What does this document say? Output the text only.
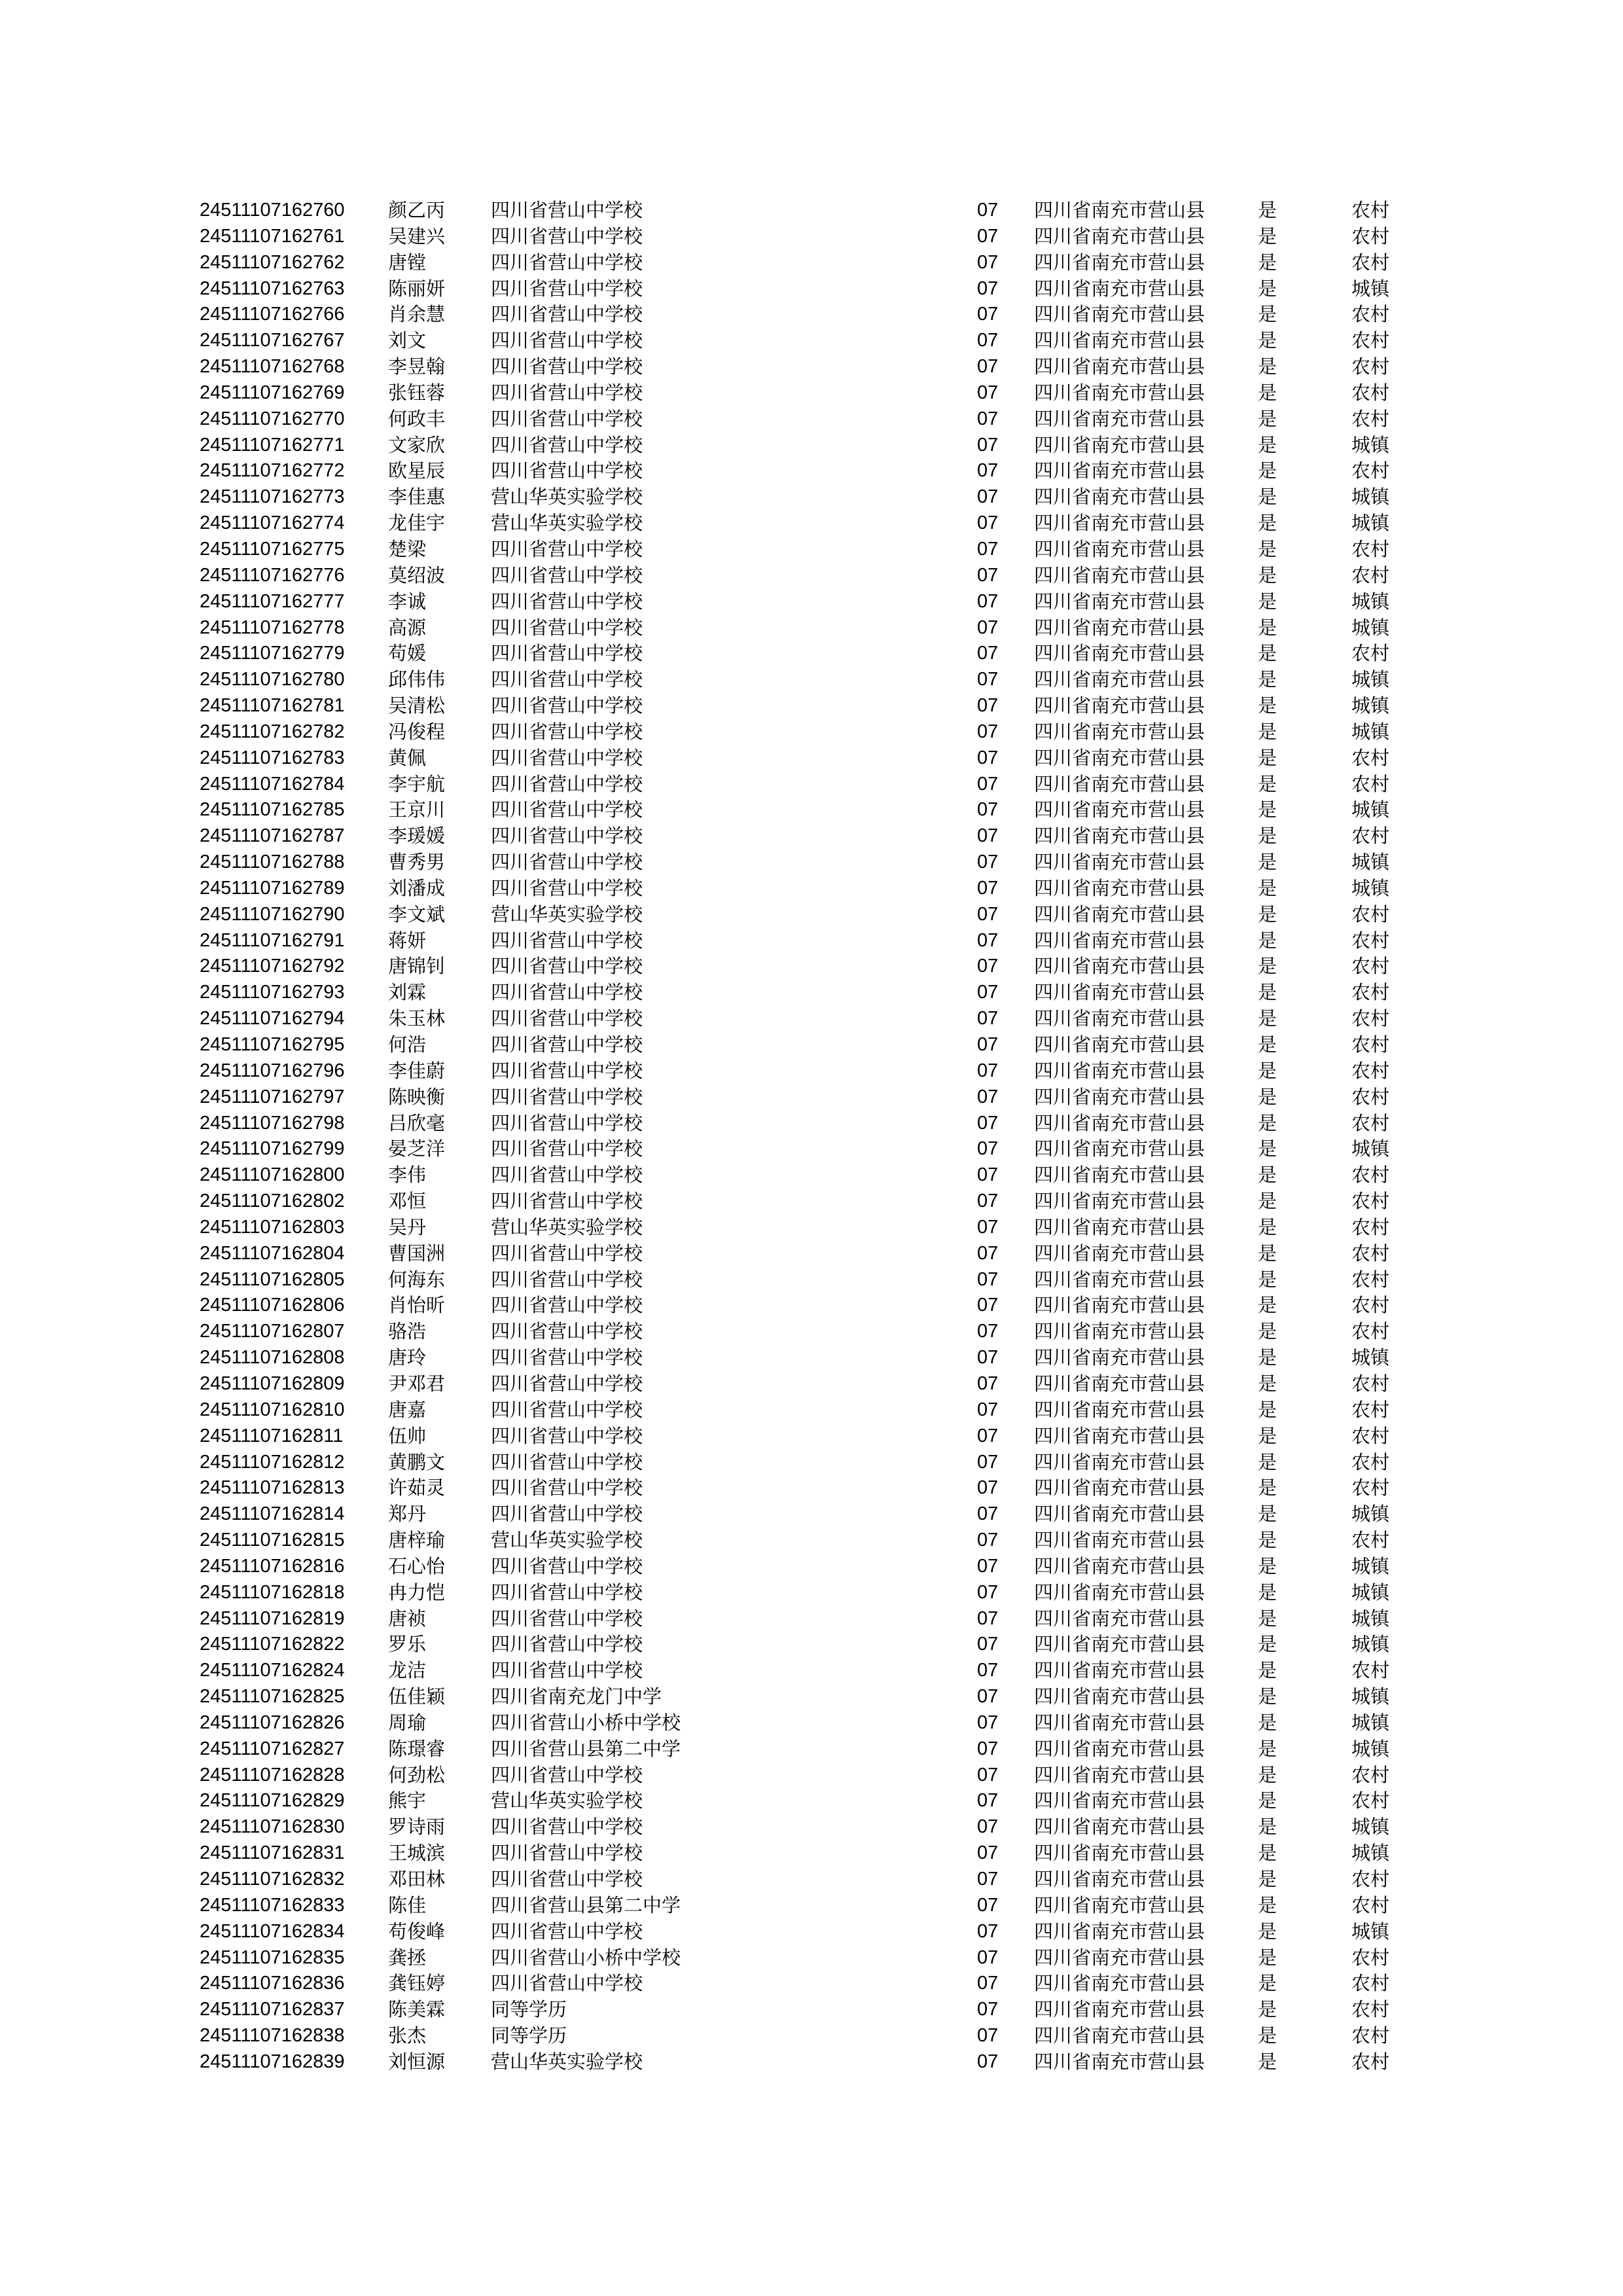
24511107162760 颜乙丙 四川省营山中学校	07 四川省南充市营山县	是	农村
24511107162761 吴建兴 四川省营山中学校	07 四川省南充市营山县	是	农村
24511107162762 唐镗	四川省营山中学校	07 四川省南充市营山县	是	农村
24511107162763 陈丽妍 四川省营山中学校	07 四川省南充市营山县	是	城镇
24511107162766 肖余慧 四川省营山中学校	07 四川省南充市营山县	是	农村
24511107162767 刘文	四川省营山中学校	07 四川省南充市营山县	是	农村
24511107162768 李昱翰 四川省营山中学校	07 四川省南充市营山县	是	农村
24511107162769 张钰蓉 四川省营山中学校	07 四川省南充市营山县	是	农村
24511107162770 何政丰 四川省营山中学校	07 四川省南充市营山县	是	农村
24511107162771 文家欣 四川省营山中学校	07 四川省南充市营山县	是	城镇
24511107162772 欧星辰 四川省营山中学校	07 四川省南充市营山县	是	农村
24511107162773 李佳惠 营山华英实验学校	07 四川省南充市营山县	是	城镇
24511107162774 龙佳宇 营山华英实验学校	07 四川省南充市营山县	是	城镇
24511107162775 楚梁	四川省营山中学校	07 四川省南充市营山县	是	农村
24511107162776 莫绍波 四川省营山中学校	07 四川省南充市营山县	是	农村
24511107162777 李诚	四川省营山中学校	07 四川省南充市营山县	是	城镇
24511107162778 高源	四川省营山中学校	07 四川省南充市营山县	是	城镇
24511107162779 苟媛	四川省营山中学校	07 四川省南充市营山县	是	农村
24511107162780 邱伟伟 四川省营山中学校	07 四川省南充市营山县	是	城镇
24511107162781 吴清松 四川省营山中学校	07 四川省南充市营山县	是	城镇
24511107162782 冯俊程 四川省营山中学校	07 四川省南充市营山县	是	城镇
24511107162783 黄佩	四川省营山中学校	07 四川省南充市营山县	是	农村
24511107162784 李宇航 四川省营山中学校	07 四川省南充市营山县	是	农村
24511107162785 王京川 四川省营山中学校	07 四川省南充市营山县	是	城镇
24511107162787 李瑗媛 四川省营山中学校	07 四川省南充市营山县	是	农村
24511107162788 曹秀男 四川省营山中学校	07 四川省南充市营山县	是	城镇
24511107162789 刘潘成 四川省营山中学校	07 四川省南充市营山县	是	城镇
24511107162790 李文斌 营山华英实验学校	07 四川省南充市营山县	是	农村
24511107162791 蒋妍	四川省营山中学校	07 四川省南充市营山县	是	农村
24511107162792 唐锦钊 四川省营山中学校	07 四川省南充市营山县	是	农村
24511107162793 刘霖	四川省营山中学校	07 四川省南充市营山县	是	农村
24511107162794 朱玉林 四川省营山中学校	07 四川省南充市营山县	是	农村
24511107162795 何浩	四川省营山中学校	07 四川省南充市营山县	是	农村
24511107162796 李佳蔚 四川省营山中学校	07 四川省南充市营山县	是	农村
24511107162797 陈映衡 四川省营山中学校	07 四川省南充市营山县	是	农村
24511107162798 吕欣毫 四川省营山中学校	07 四川省南充市营山县	是	农村
24511107162799 晏芝洋 四川省营山中学校	07 四川省南充市营山县	是	城镇
24511107162800 李伟	四川省营山中学校	07 四川省南充市营山县	是	农村
24511107162802 邓恒	四川省营山中学校	07 四川省南充市营山县	是	农村
24511107162803 吴丹	营山华英实验学校	07 四川省南充市营山县	是	农村
24511107162804 曹国洲 四川省营山中学校	07 四川省南充市营山县	是	农村
24511107162805 何海东 四川省营山中学校	07 四川省南充市营山县	是	农村
24511107162806 肖怡昕 四川省营山中学校	07 四川省南充市营山县	是	农村
24511107162807 骆浩	四川省营山中学校	07 四川省南充市营山县	是	农村
24511107162808 唐玲	四川省营山中学校	07 四川省南充市营山县	是	城镇
24511107162809 尹邓君 四川省营山中学校	07 四川省南充市营山县	是	农村
24511107162810 唐嘉	四川省营山中学校	07 四川省南充市营山县	是	农村
24511107162811 伍帅	四川省营山中学校	07 四川省南充市营山县	是	农村
24511107162812 黄鹏文 四川省营山中学校	07 四川省南充市营山县	是	农村
24511107162813 许茹灵 四川省营山中学校	07 四川省南充市营山县	是	农村
24511107162814 郑丹	四川省营山中学校	07 四川省南充市营山县	是	城镇
24511107162815 唐梓瑜 营山华英实验学校	07 四川省南充市营山县	是	农村
24511107162816 石心怡 四川省营山中学校	07 四川省南充市营山县	是	城镇
24511107162818 冉力恺 四川省营山中学校	07 四川省南充市营山县	是	城镇
24511107162819 唐祯	四川省营山中学校	07 四川省南充市营山县	是	城镇
24511107162822 罗乐	四川省营山中学校	07 四川省南充市营山县	是	城镇
24511107162824 龙洁	四川省营山中学校	07 四川省南充市营山县	是	农村
24511107162825 伍佳颖 四川省南充龙门中学	07 四川省南充市营山县	是	城镇
24511107162826 周瑜	四川省营山小桥中学校	07 四川省南充市营山县	是	城镇
24511107162827 陈璟睿 四川省营山县第二中学	07 四川省南充市营山县	是	城镇
24511107162828 何劲松 四川省营山中学校	07 四川省南充市营山县	是	农村
24511107162829 熊宇	营山华英实验学校	07 四川省南充市营山县	是	农村
24511107162830 罗诗雨 四川省营山中学校	07 四川省南充市营山县	是	城镇
24511107162831 王城滨 四川省营山中学校	07 四川省南充市营山县	是	城镇
24511107162832 邓田林 四川省营山中学校	07 四川省南充市营山县	是	农村
24511107162833 陈佳	四川省营山县第二中学	07 四川省南充市营山县	是	农村
24511107162834 苟俊峰 四川省营山中学校	07 四川省南充市营山县	是	城镇
24511107162835 龚拯	四川省营山小桥中学校	07 四川省南充市营山县	是	农村
24511107162836 龚钰婷 四川省营山中学校	07 四川省南充市营山县	是	农村
24511107162837 陈美霖 同等学历	07 四川省南充市营山县	是	农村
24511107162838 张杰	同等学历	07 四川省南充市营山县	是	农村
24511107162839 刘恒源 营山华英实验学校	07 四川省南充市营山县	是	农村
